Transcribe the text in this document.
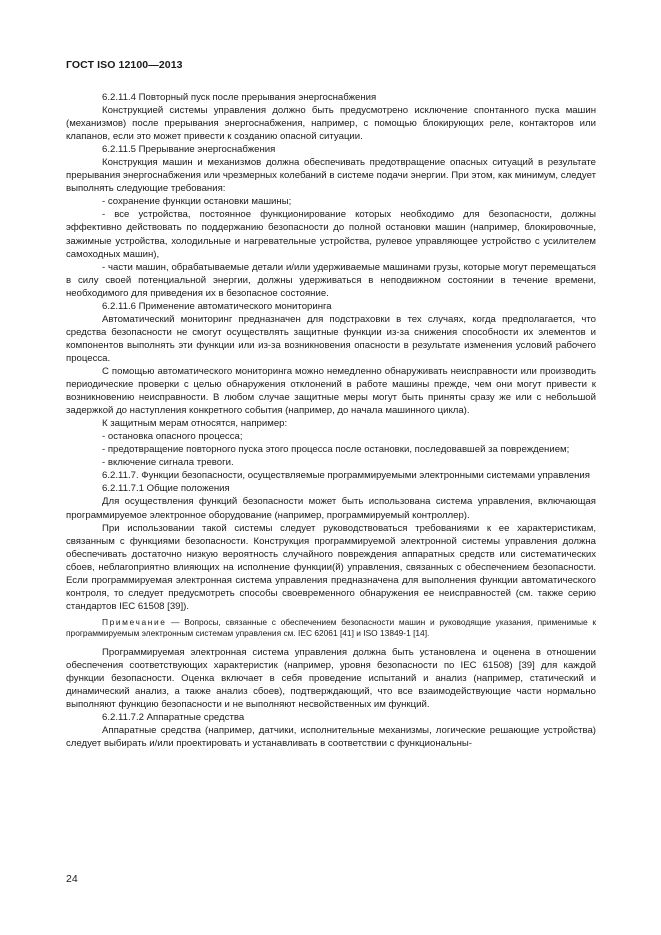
ГОСТ ISO 12100—2013

6.2.11.4 Повторный пуск после прерывания энергоснабжения

Конструкцией системы управления должно быть предусмотрено исключение спонтанного пуска машин (механизмов) после прерывания энергоснабжения, например, с помощью блокирующих реле, контакторов или клапанов, если это может привести к созданию опасной ситуации.

6.2.11.5 Прерывание энергоснабжения

Конструкция машин и механизмов должна обеспечивать предотвращение опасных ситуаций в результате прерывания энергоснабжения или чрезмерных колебаний в системе подачи энергии. При этом, как минимум, следует выполнять следующие требования:

- сохранение функции остановки машины;

- все устройства, постоянное функционирование которых необходимо для безопасности, должны эффективно действовать по поддержанию безопасности до полной остановки машин (например, блокировочные, зажимные устройства, холодильные и нагревательные устройства, рулевое управляющее устройство с усилителем самоходных машин),

- части машин, обрабатываемые детали и/или удерживаемые машинами грузы, которые могут перемещаться в силу своей потенциальной энергии, должны удерживаться в неподвижном состоянии в течение времени, необходимого для приведения их в безопасное состояние.

6.2.11.6 Применение автоматического мониторинга

Автоматический мониторинг предназначен для подстраховки в тех случаях, когда предполагается, что средства безопасности не смогут осуществлять защитные функции из-за снижения способности их элементов и компонентов выполнять эти функции или из-за возникновения опасности в результате изменения условий рабочего процесса.

С помощью автоматического мониторинга можно немедленно обнаруживать неисправности или производить периодические проверки с целью обнаружения отклонений в работе машины прежде, чем они могут привести к возникновению неисправности. В любом случае защитные меры могут быть приняты сразу же или с небольшой задержкой до наступления конкретного события (например, до начала машинного цикла).

К защитным мерам относятся, например:

- остановка опасного процесса;

- предотвращение повторного пуска этого процесса после остановки, последовавшей за повреждением;

- включение сигнала тревоги.

6.2.11.7. Функции безопасности, осуществляемые программируемыми электронными системами управления

6.2.11.7.1 Общие положения

Для осуществления функций безопасности может быть использована система управления, включающая программируемое электронное оборудование (например, программируемый контроллер).

При использовании такой системы следует руководствоваться требованиями к ее характеристикам, связанным с функциями безопасности. Конструкция программируемой электронной системы управления должна обеспечивать достаточно низкую вероятность случайного повреждения аппаратных средств или систематических сбоев, неблагоприятно влияющих на исполнение функции(й) управления, связанных с обеспечением безопасности. Если программируемая электронная система управления предназначена для выполнения функции автоматического контроля, то следует предусмотреть способы своевременного обнаружения ее неисправностей (см. также серию стандартов IEC 61508 [39]).

Примечание — Вопросы, связанные с обеспечением безопасности машин и руководящие указания, применимые к программируемым электронным системам управления см. IEC 62061 [41] и ISO 13849-1 [14].

Программируемая электронная система управления должна быть установлена и оценена в отношении обеспечения соответствующих характеристик (например, уровня безопасности по IEC 61508) [39] для каждой функции безопасности. Оценка включает в себя проведение испытаний и анализ (например, статический и динамический анализ, а также анализ сбоев), подтверждающий, что все взаимодействующие части нормально выполняют функцию безопасности и не выполняют несвойственных им функций.

6.2.11.7.2 Аппаратные средства

Аппаратные средства (например, датчики, исполнительные механизмы, логические решающие устройства) следует выбирать и/или проектировать и устанавливать в соответствии с функциональны-

24
